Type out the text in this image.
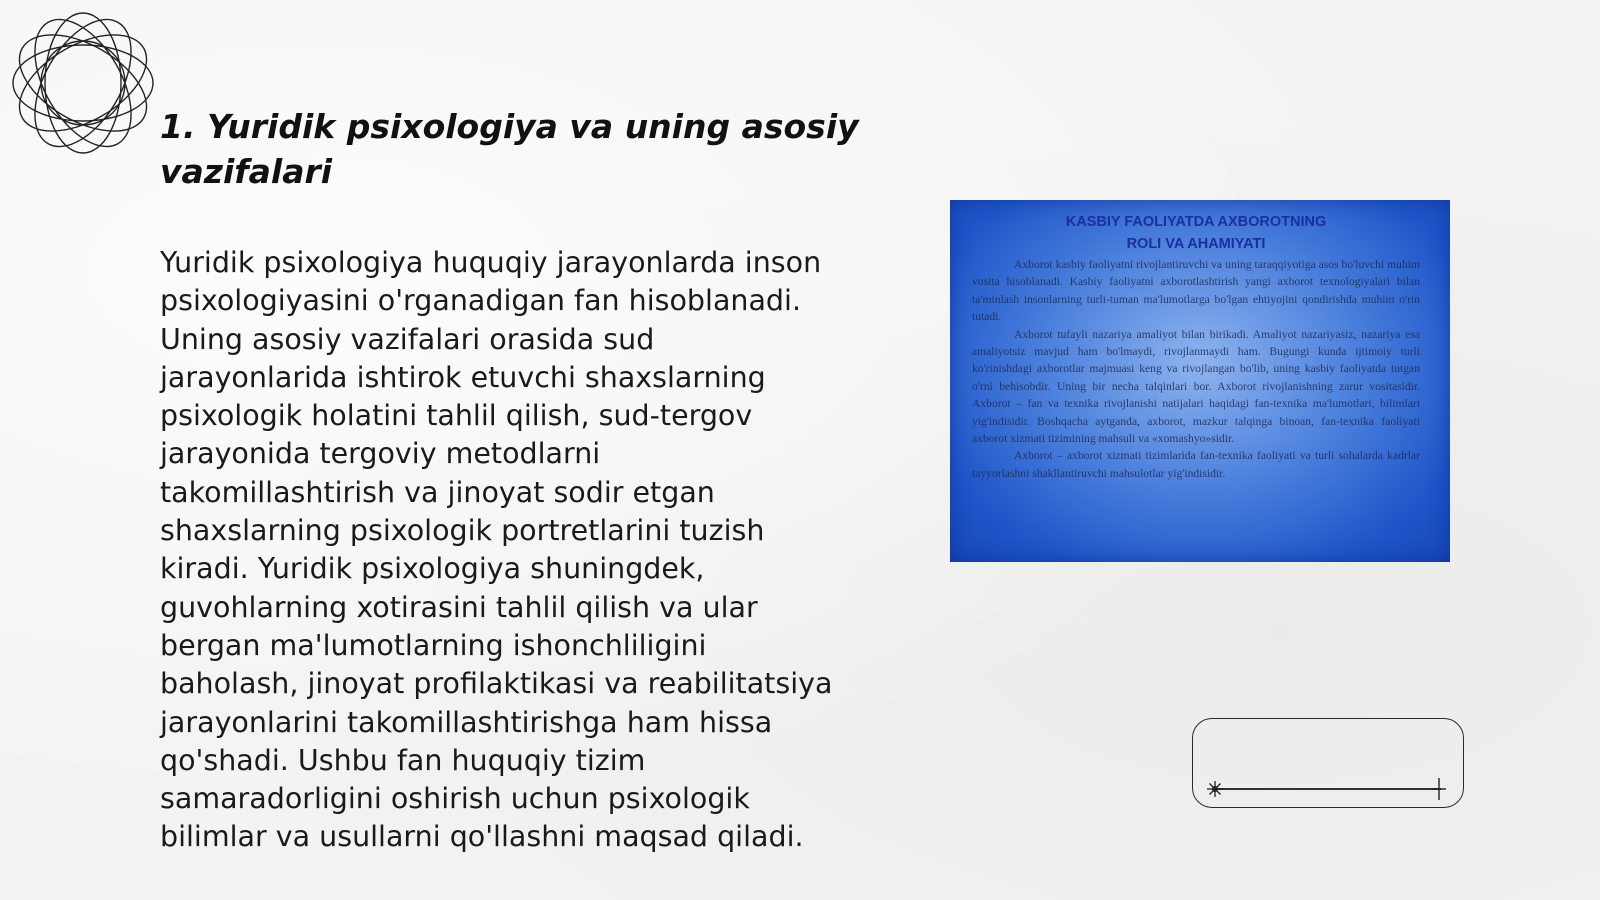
1. Yuridik psixologiya va uning asosiy vazifalari

Yuridik psixologiya huquqiy jarayonlarda inson psixologiyasini o'rganadigan fan hisoblanadi. Uning asosiy vazifalari orasida sud jarayonlarida ishtirok etuvchi shaxslarning psixologik holatini tahlil qilish, sud-tergov jarayonida tergoviy metodlarni takomillashtirish va jinoyat sodir etgan shaxslarning psixologik portretlarini tuzish kiradi. Yuridik psixologiya shuningdek, guvohlarning xotirasini tahlil qilish va ular bergan ma'lumotlarning ishonchliligini baholash, jinoyat profilaktikasi va reabilitatsiya jarayonlarini takomillashtirishga ham hissa qo'shadi. Ushbu fan huquqiy tizim samaradorligini oshirish uchun psixologik bilimlar va usullarni qo'llashni maqsad qiladi.

KASBIY FAOLIYATDA AXBOROTNING
ROLI VA AHAMIYATI

Axborot kasbiy faoliyatni rivojlantiruvchi va uning taraqqiyotiga asos bo'luvchi muhim vosita hisoblanadi. Kasbiy faoliyatni axborotlashtirish yangi axborot texnologiyalari bilan ta'minlash insonlarning turli-tuman ma'lumotlarga bo'lgan ehtiyojini qondirishda muhim o'rin tutadi.

Axborot tufayli nazariya amaliyot bilan birikadi. Amaliyot nazariyasiz, nazariya esa amaliyotsiz mavjud ham bo'lmaydi, rivojlanmaydi ham. Bugungi kunda ijtimoiy turli ko'rinishdagi axborotlar majmuasi keng va rivojlangan bo'lib, uning kasbiy faoliyatda tutgan o'rni behisobdir. Uning bir necha talqinlari bor. Axborot rivojlanishning zarur vositasidir. Axborot – fan va texnika rivojlanishi natijalari haqidagi fan-texnika ma'lumotlari, bilimlari yig'indisidir. Boshqacha aytganda, axborot, mazkur talqinga binoan, fan-texnika faoliyati axborot xizmati tizimining mahsuli va «xomashyo»sidir.

Axborot – axborot xizmati tizimlarida fan-texnika faoliyati va turli sohalarda kadrlar tayyorlashni shakllantiruvchi mahsulotlar yig'indisidir.
